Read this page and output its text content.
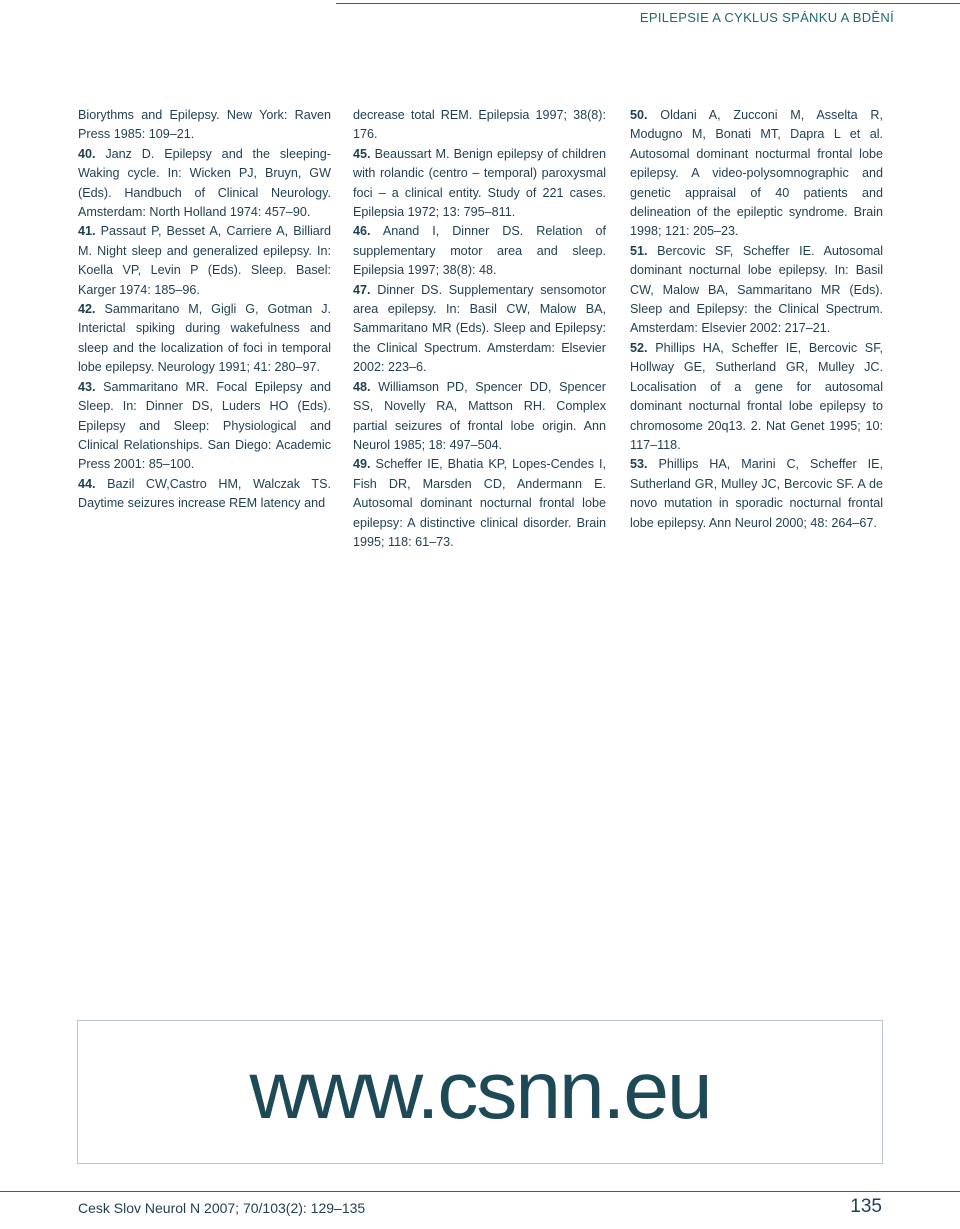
EPILEPSIE A CYKLUS SPÁNKU A BDĚNÍ

Biorythms and Epilepsy. New York: Raven Press 1985: 109–21.

40. Janz D. Epilepsy and the sleeping-Waking cycle. In: Wicken PJ, Bruyn, GW (Eds). Handbuch of Clinical Neurology. Amsterdam: North Holland 1974: 457–90.

41. Passaut P, Besset A, Carriere A, Billiard M. Night sleep and generalized epilepsy. In: Koella VP, Levin P (Eds). Sleep. Basel: Karger 1974: 185–96.

42. Sammaritano M, Gigli G, Gotman J. Interictal spiking during wakefulness and sleep and the localization of foci in temporal lobe epilepsy. Neurology 1991; 41: 280–97.

43. Sammaritano MR. Focal Epilepsy and Sleep. In: Dinner DS, Luders HO (Eds). Epilepsy and Sleep: Physiological and Clinical Relationships. San Diego: Academic Press 2001: 85–100.

44. Bazil CW,Castro HM, Walczak TS. Daytime seizures increase REM latency and

decrease total REM. Epilepsia 1997; 38(8): 176.

45. Beaussart M. Benign epilepsy of children with rolandic (centro – temporal) paroxysmal foci – a clinical entity. Study of 221 cases. Epilepsia 1972; 13: 795–811.

46. Anand I, Dinner DS. Relation of supplementary motor area and sleep. Epilepsia 1997; 38(8): 48.

47. Dinner DS. Supplementary sensomotor area epilepsy. In: Basil CW, Malow BA, Sammaritano MR (Eds). Sleep and Epilepsy: the Clinical Spectrum. Amsterdam: Elsevier 2002: 223–6.

48. Williamson PD, Spencer DD, Spencer SS, Novelly RA, Mattson RH. Complex partial seizures of frontal lobe origin. Ann Neurol 1985; 18: 497–504.

49. Scheffer IE, Bhatia KP, Lopes-Cendes I, Fish DR, Marsden CD, Andermann E. Autosomal dominant nocturnal frontal lobe epilepsy: A distinctive clinical disorder. Brain 1995; 118: 61–73.

50. Oldani A, Zucconi M, Asselta R, Modugno M, Bonati MT, Dapra L et al. Autosomal dominant nocturmal frontal lobe epilepsy. A video-polysomnographic and genetic appraisal of 40 patients and delineation of the epileptic syndrome. Brain 1998; 121: 205–23.

51. Bercovic SF, Scheffer IE. Autosomal dominant nocturnal lobe epilepsy. In: Basil CW, Malow BA, Sammaritano MR (Eds). Sleep and Epilepsy: the Clinical Spectrum. Amsterdam: Elsevier 2002: 217–21.

52. Phillips HA, Scheffer IE, Bercovic SF, Hollway GE, Sutherland GR, Mulley JC. Localisation of a gene for autosomal dominant nocturnal frontal lobe epilepsy to chromosome 20q13. 2. Nat Genet 1995; 10: 117–118.

53. Phillips HA, Marini C, Scheffer IE, Sutherland GR, Mulley JC, Bercovic SF. A de novo mutation in sporadic nocturnal frontal lobe epilepsy. Ann Neurol 2000; 48: 264–67.

www.csnn.eu
Cesk Slov Neurol N 2007; 70/103(2): 129–135	135
